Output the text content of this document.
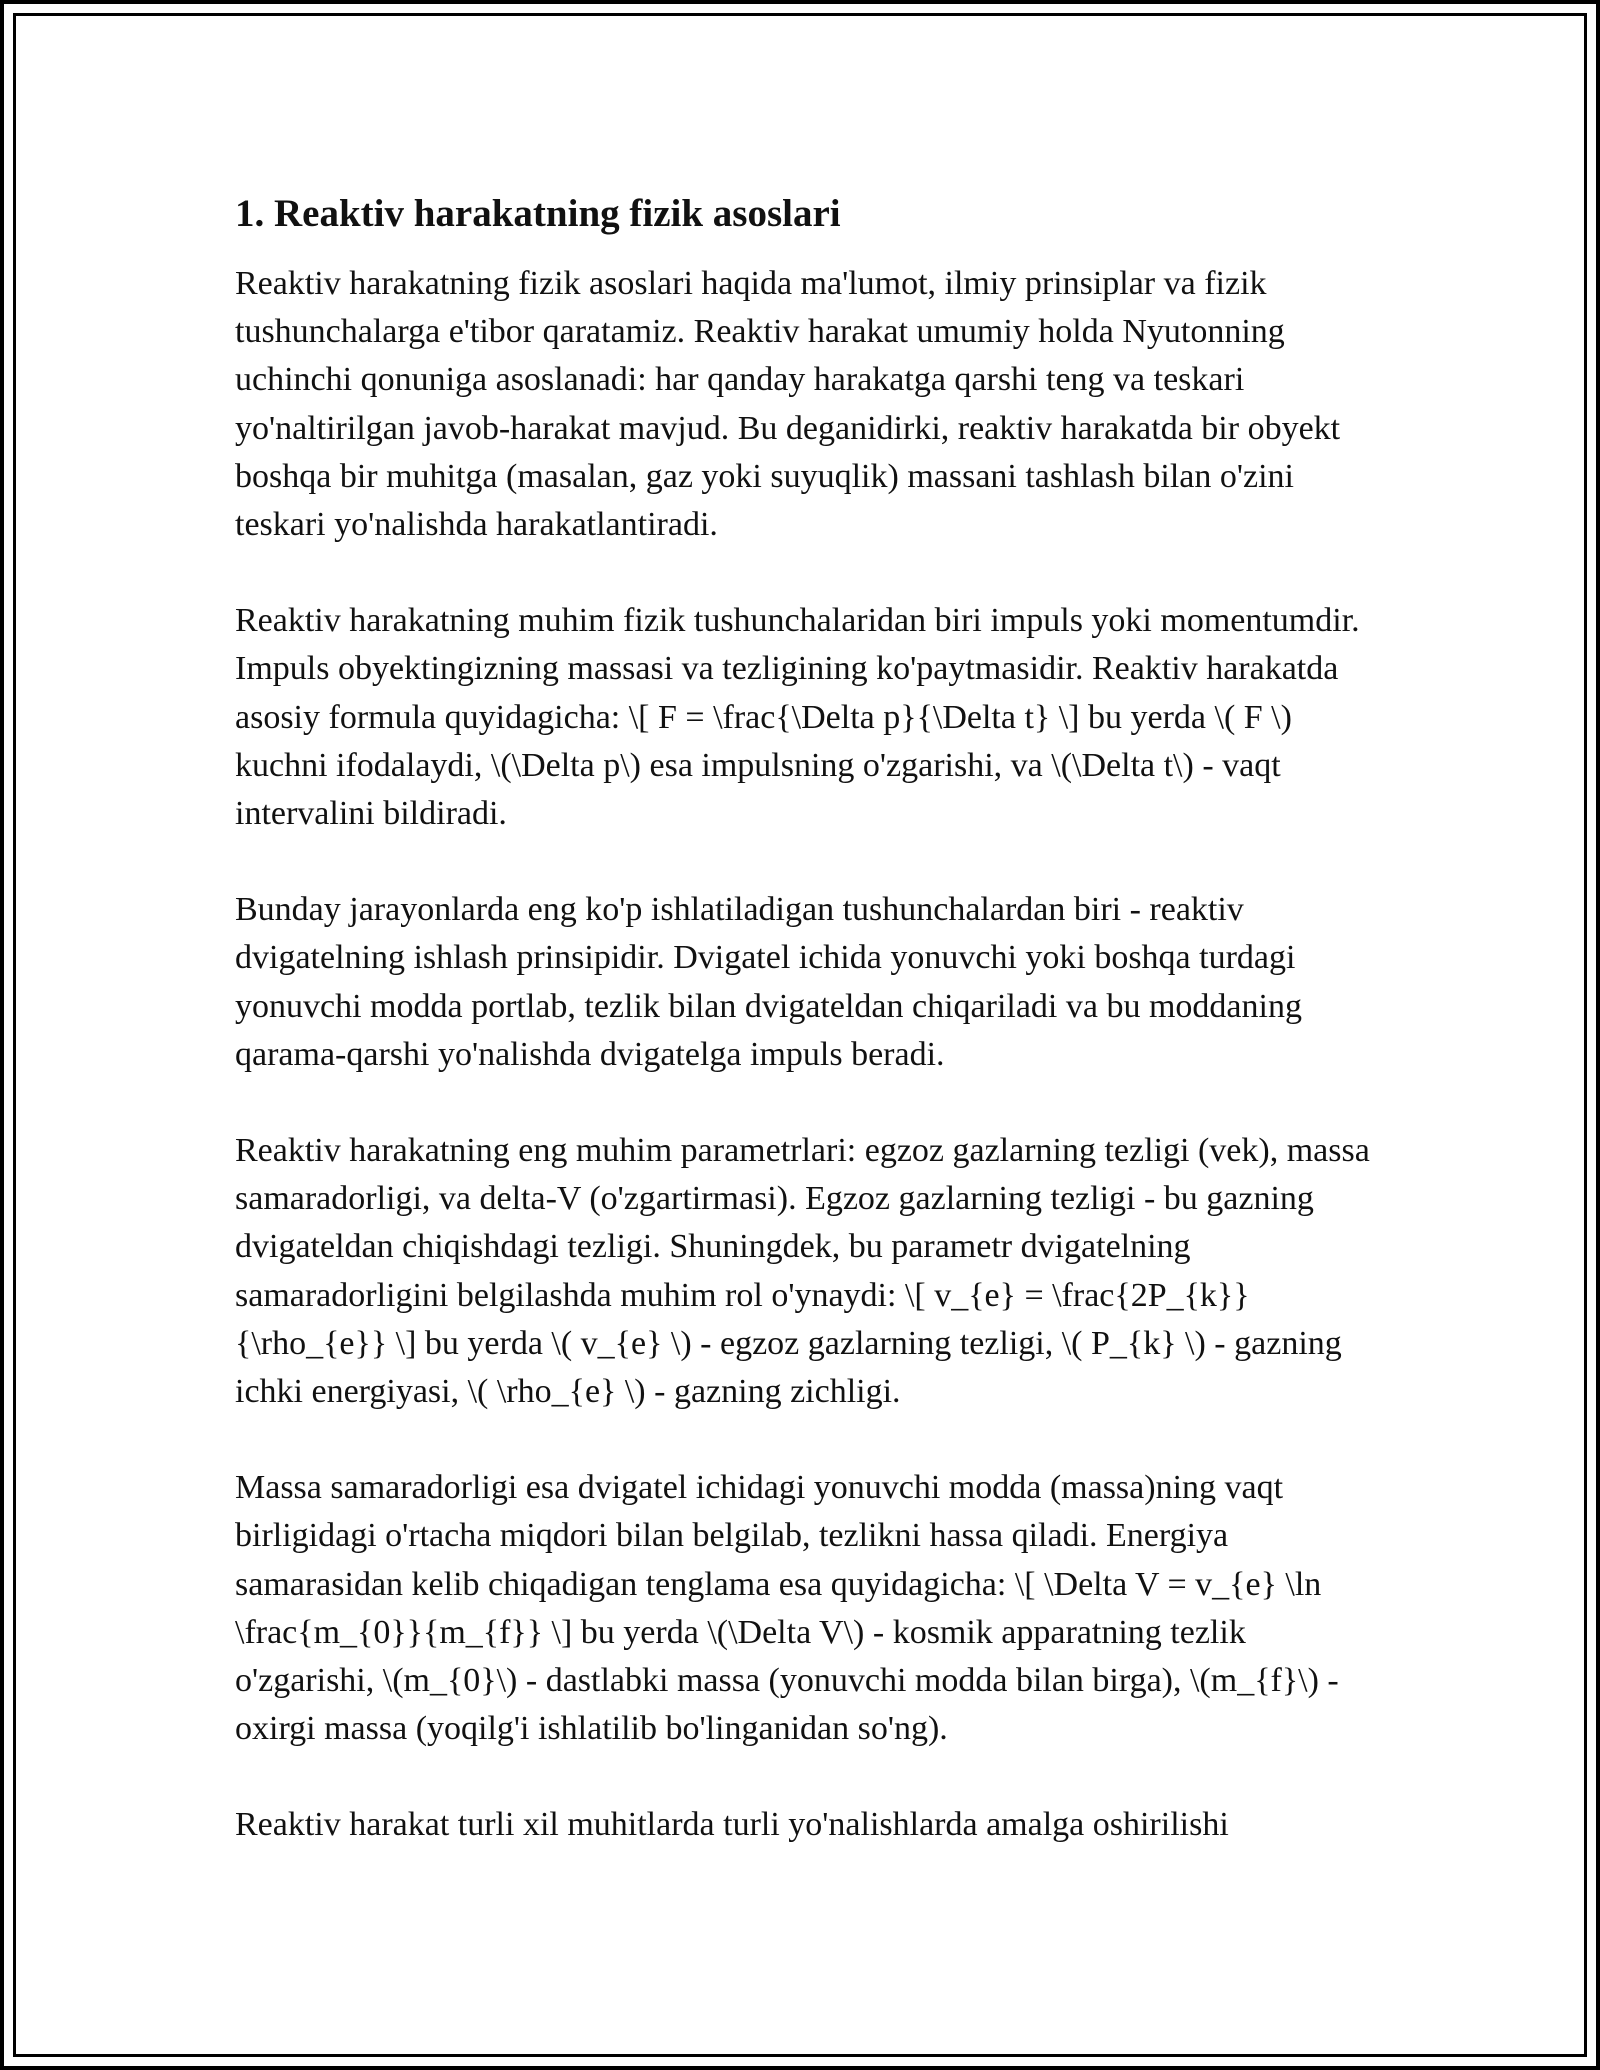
1. Reaktiv harakatning fizik asoslari

Reaktiv harakatning fizik asoslari haqida ma'lumot, ilmiy prinsiplar va fizik tushunchalarga e'tibor qaratamiz. Reaktiv harakat umumiy holda Nyutonning uchinchi qonuniga asoslanadi: har qanday harakatga qarshi teng va teskari yo'naltirilgan javob-harakat mavjud. Bu deganidirki, reaktiv harakatda bir obyekt boshqa bir muhitga (masalan, gaz yoki suyuqlik) massani tashlash bilan o'zini teskari yo'nalishda harakatlantiradi.

Reaktiv harakatning muhim fizik tushunchalaridan biri impuls yoki momentumdir. Impuls obyektingizning massasi va tezligining ko'paytmasidir. Reaktiv harakatda asosiy formula quyidagicha: \[ F = \frac{\Delta p}{\Delta t} \] bu yerda \( F \) kuchni ifodalaydi, \(\Delta p\) esa impulsning o'zgarishi, va \(\Delta t\) - vaqt intervalini bildiradi.

Bunday jarayonlarda eng ko'p ishlatiladigan tushunchalardan biri - reaktiv dvigatelning ishlash prinsipidir. Dvigatel ichida yonuvchi yoki boshqa turdagi yonuvchi modda portlab, tezlik bilan dvigateldan chiqariladi va bu moddaning qarama-qarshi yo'nalishda dvigatelga impuls beradi.

Reaktiv harakatning eng muhim parametrlari: egzoz gazlarning tezligi (vek), massa samaradorligi, va delta-V (o'zgartirmasi). Egzoz gazlarning tezligi - bu gazning dvigateldan chiqishdagi tezligi. Shuningdek, bu parametr dvigatelning samaradorligini belgilashda muhim rol o'ynaydi: \[ v_{e} = \frac{2P_{k}}{\rho_{e}} \] bu yerda \( v_{e} \) - egzoz gazlarning tezligi, \( P_{k} \) - gazning ichki energiyasi, \( \rho_{e} \) - gazning zichligi.

Massa samaradorligi esa dvigatel ichidagi yonuvchi modda (massa)ning vaqt birligidagi o'rtacha miqdori bilan belgilab, tezlikni hassa qiladi. Energiya samarasidan kelib chiqadigan tenglama esa quyidagicha: \[ \Delta V = v_{e} \ln \frac{m_{0}}{m_{f}} \] bu yerda \(\Delta V\) - kosmik apparatning tezlik o'zgarishi, \(m_{0}\) - dastlabki massa (yonuvchi modda bilan birga), \(m_{f}\) - oxirgi massa (yoqilg'i ishlatilib bo'linganidan so'ng).

Reaktiv harakat turli xil muhitlarda turli yo'nalishlarda amalga oshirilishi
